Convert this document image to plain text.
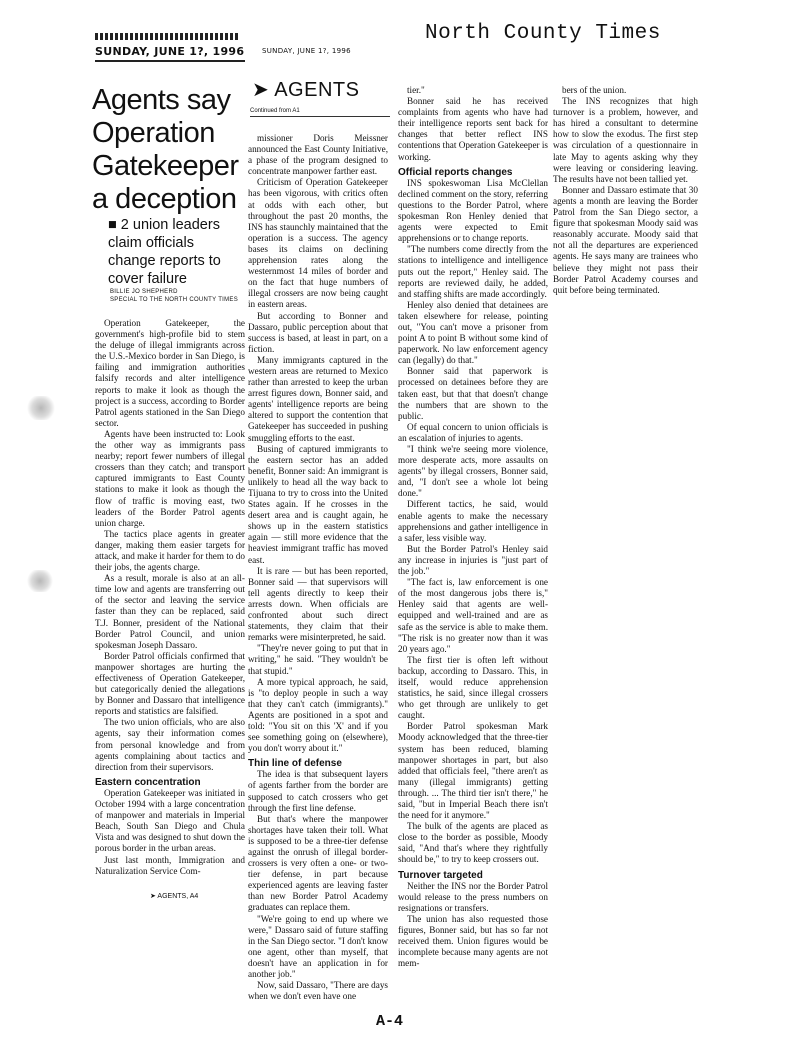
SUNDAY, JUNE 1?, 1996	SUNDAY, JUNE 1?, 1996
North County Times
Agents say Operation Gatekeeper a deception
■ 2 union leaders claim officials change reports to cover failure
BILLIE JO SHEPHERD
SPECIAL TO THE NORTH COUNTY TIMES

Operation Gatekeeper, the government's high-profile bid to stem the deluge of illegal immigrants across the U.S.-Mexico border in San Diego, is failing and immigration authorities falsify records and alter intelligence reports to make it look as though the project is a success, according to Border Patrol agents stationed in the San Diego sector.

Agents have been instructed to: Look the other way as immigrants pass nearby; report fewer numbers of illegal crossers than they catch; and transport captured immigrants to East County stations to make it look as though the flow of traffic is moving east, two leaders of the Border Patrol agents union charge.

The tactics place agents in greater danger, making them easier targets for attack, and make it harder for them to do their jobs, the agents charge.

As a result, morale is also at an all-time low and agents are transferring out of the sector and leaving the service faster than they can be replaced, said T.J. Bonner, president of the National Border Patrol Council, and union spokesman Joseph Dassaro.

Border Patrol officials confirmed that manpower shortages are hurting the effectiveness of Operation Gatekeeper, but categorically denied the allegations by Bonner and Dassaro that intelligence reports and statistics are falsified.

The two union officials, who are also agents, say their information comes from personal knowledge and from agents complaining about tactics and direction from their supervisors.

Eastern concentration

Operation Gatekeeper was initiated in October 1994 with a large concentration of manpower and materials in Imperial Beach, South San Diego and Chula Vista and was designed to shut down the porous border in the urban areas.

Just last month, Immigration and Naturalization Service Com-

➤ AGENTS, A4
➤ AGENTS
Continued from A1

missioner Doris Meissner announced the East County Initiative, a phase of the program designed to concentrate manpower farther east.

Criticism of Operation Gatekeeper has been vigorous, with critics often at odds with each other, but throughout the past 20 months, the INS has staunchly maintained that the operation is a success. The agency bases its claims on declining apprehension rates along the westernmost 14 miles of border and on the fact that huge numbers of illegal crossers are now being caught in eastern areas.

But according to Bonner and Dassaro, public perception about that success is based, at least in part, on a fiction.

Many immigrants captured in the western areas are returned to Mexico rather than arrested to keep the urban arrest figures down, Bonner said, and agents' intelligence reports are being altered to support the contention that Gatekeeper has succeeded in pushing smuggling efforts to the east.

Busing of captured immigrants to the eastern sector has an added benefit, Bonner said: An immigrant is unlikely to head all the way back to Tijuana to try to cross into the United States again. If he crosses in the desert area and is caught again, he shows up in the eastern statistics again — still more evidence that the heaviest immigrant traffic has moved east.

It is rare — but has been reported, Bonner said — that supervisors will tell agents directly to keep their arrests down. When officials are confronted about such direct statements, they claim that their remarks were misinterpreted, he said.

"They're never going to put that in writing," he said. "They wouldn't be that stupid."

A more typical approach, he said, is "to deploy people in such a way that they can't catch (immigrants)." Agents are positioned in a spot and told: "You sit on this 'X' and if you see something going on (elsewhere), you don't worry about it."

Thin line of defense

The idea is that subsequent layers of agents farther from the border are supposed to catch crossers who get through the first line defense.

But that's where the manpower shortages have taken their toll. What is supposed to be a three-tier defense against the onrush of illegal border-crossers is very often a one- or two-tier defense, in part because experienced agents are leaving faster than new Border Patrol Academy graduates can replace them.

"We're going to end up where we were," Dassaro said of future staffing in the San Diego sector. "I don't know one agent, other than myself, that doesn't have an application in for another job."

Now, said Dassaro, "There are days when we don't even have one

tier."

Bonner said he has received complaints from agents who have had their intelligence reports sent back for changes that better reflect INS contentions that Operation Gatekeeper is working.

Official reports changes

INS spokeswoman Lisa McClellan declined comment on the story, referring questions to the Border Patrol, where spokesman Ron Henley denied that agents were expected to Emit apprehensions or to change reports.

"The numbers come directly from the stations to intelligence and intelligence puts out the report," Henley said. The reports are reviewed daily, he added, and staffing shifts are made accordingly.

Henley also denied that detainees are taken elsewhere for release, pointing out, "You can't move a prisoner from point A to point B without some kind of paperwork. No law enforcement agency can (legally) do that."

Bonner said that paperwork is processed on detainees before they are taken east, but that that doesn't change the numbers that are shown to the public.

Of equal concern to union officials is an escalation of injuries to agents.

"I think we're seeing more violence, more desperate acts, more assaults on agents" by illegal crossers, Bonner said, and, "I don't see a whole lot being done."

Different tactics, he said, would enable agents to make the necessary apprehensions and gather intelligence in a safer, less visible way.

But the Border Patrol's Henley said any increase in injuries is "just part of the job."

"The fact is, law enforcement is one of the most dangerous jobs there is," Henley said that agents are well-equipped and well-trained and are as safe as the service is able to make them. "The risk is no greater now than it was 20 years ago."

The first tier is often left without backup, according to Dassaro. This, in itself, would reduce apprehension statistics, he said, since illegal crossers who get through are unlikely to get caught.

Border Patrol spokesman Mark Moody acknowledged that the three-tier system has been reduced, blaming manpower shortages in part, but also added that officials feel, "there aren't as many (illegal immigrants) getting through. ... The third tier isn't there," he said, "but in Imperial Beach there isn't the need for it anymore."

The bulk of the agents are placed as close to the border as possible, Moody said, "And that's where they rightfully should be," to try to keep crossers out.

Turnover targeted

Neither the INS nor the Border Patrol would release to the press numbers on resignations or transfers.

The union has also requested those figures, Bonner said, but has so far not received them. Union figures would be incomplete because many agents are not mem-

bers of the union.

The INS recognizes that high turnover is a problem, however, and has hired a consultant to determine how to slow the exodus. The first step was circulation of a questionnaire in late May to agents asking why they were leaving or considering leaving. The results have not been tallied yet.

Bonner and Dassaro estimate that 30 agents a month are leaving the Border Patrol from the San Diego sector, a figure that spokesman Moody said was reasonably accurate. Moody said that not all the departures are experienced agents. He says many are trainees who believe they might not pass their Border Patrol Academy courses and quit before being terminated.

A-4
